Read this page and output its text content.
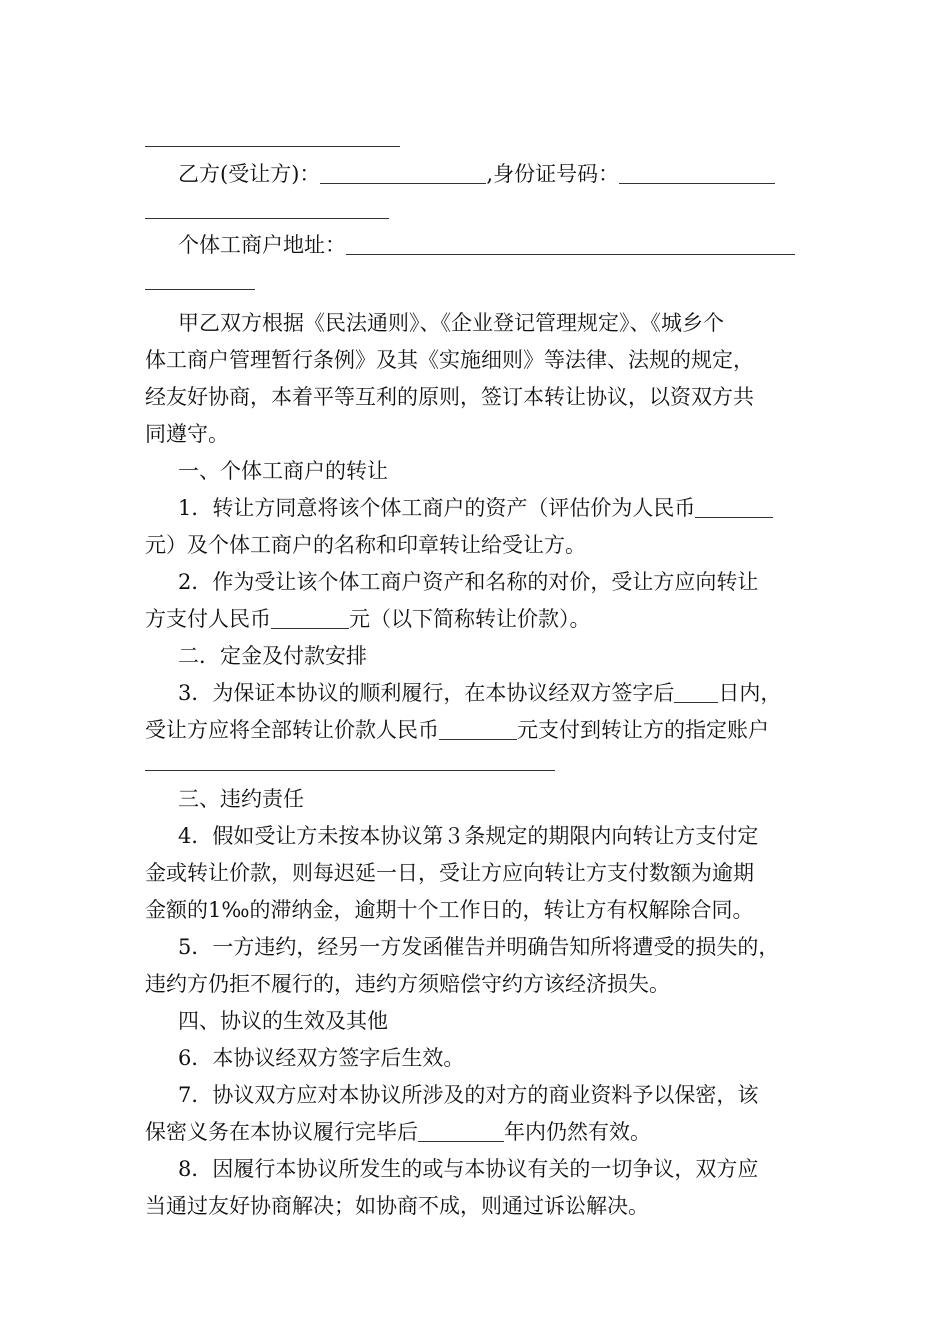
乙方(受让方)：	,身份证号码：
个体工商户地址：
甲乙双方根据《民法通则》、《企业登记管理规定》、《城乡个
体工商户管理暂行条例》及其《实施细则》等法律、法规的规定，
经友好协商，本着平等互利的原则，签订本转让协议，以资双方共
同遵守。
一、个体工商户的转让
1．转让方同意将该个体工商户的资产（评估价为人民币
元）及个体工商户的名称和印章转让给受让方。
2．作为受让该个体工商户资产和名称的对价，受让方应向转让
方支付人民币	元（以下简称转让价款）。
二．定金及付款安排
3．为保证本协议的顺利履行，在本协议经双方签字后 日内，
受让方应将全部转让价款人民币	元支付到转让方的指定账户
三、违约责任
4．假如受让方未按本协议第３条规定的期限内向转让方支付定
金或转让价款，则每迟延一日，受让方应向转让方支付数额为逾期
金额的1‰的滞纳金，逾期十个工作日的，转让方有权解除合同。
5．一方违约，经另一方发函催告并明确告知所将遭受的损失的，
违约方仍拒不履行的，违约方须赔偿守约方该经济损失。
四、协议的生效及其他
6．本协议经双方签字后生效。
7．协议双方应对本协议所涉及的对方的商业资料予以保密，该
保密义务在本协议履行完毕后	年内仍然有效。
8．因履行本协议所发生的或与本协议有关的一切争议，双方应
当通过友好协商解决；如协商不成，则通过诉讼解决。
